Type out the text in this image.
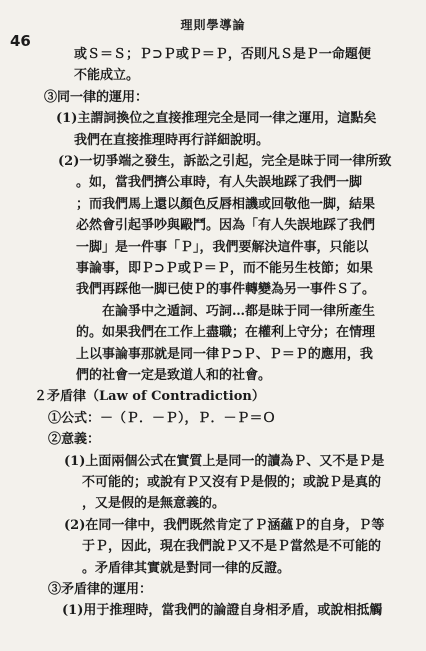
46
理則學導論
或Ｓ＝Ｓ；Ｐ⊃Ｐ或Ｐ＝Ｐ，否則凡Ｓ是Ｐ一命題便
不能成立。
③同一律的運用：
(1)主謂詞換位之直接推理完全是同一律之運用，這點矣
我們在直接推理時再行詳細說明。
(2)一切爭端之發生，訴訟之引起，完全是昧于同一律所致
。如，當我們擠公車時，有人失誤地踩了我們一脚
；而我們馬上還以顏色反唇相譏或回敬他一脚，結果
必然會引起爭吵與毆鬥。因為「有人失誤地踩了我們
一脚」是一件事「Ｐ」，我們要解決這件事，只能以
事論事，即Ｐ⊃Ｐ或Ｐ＝Ｐ，而不能另生枝節；如果
我們再踩他一脚已使Ｐ的事件轉變為另一事件Ｓ了。
在論爭中之遁詞、巧詞…都是昧于同一律所產生
的。如果我們在工作上盡職；在權利上守分；在情理
上以事論事那就是同一律Ｐ⊃Ｐ、Ｐ＝Ｐ的應用，我
們的社會一定是致道人和的社會。
２矛盾律（Law of Contradiction）
①公式：－（Ｐ．－Ｐ），Ｐ．－Ｐ＝Ｏ
②意義：
(1)上面兩個公式在實質上是同一的讀為Ｐ、又不是Ｐ是
不可能的；或說有Ｐ又沒有Ｐ是假的；或說Ｐ是真的
，又是假的是無意義的。
(2)在同一律中，我們既然肯定了Ｐ涵蘊Ｐ的自身，Ｐ等
于Ｐ，因此，現在我們說Ｐ又不是Ｐ當然是不可能的
。矛盾律其實就是對同一律的反證。
③矛盾律的運用：
(1)用于推理時，當我們的論證自身相矛盾，或說相抵觸
